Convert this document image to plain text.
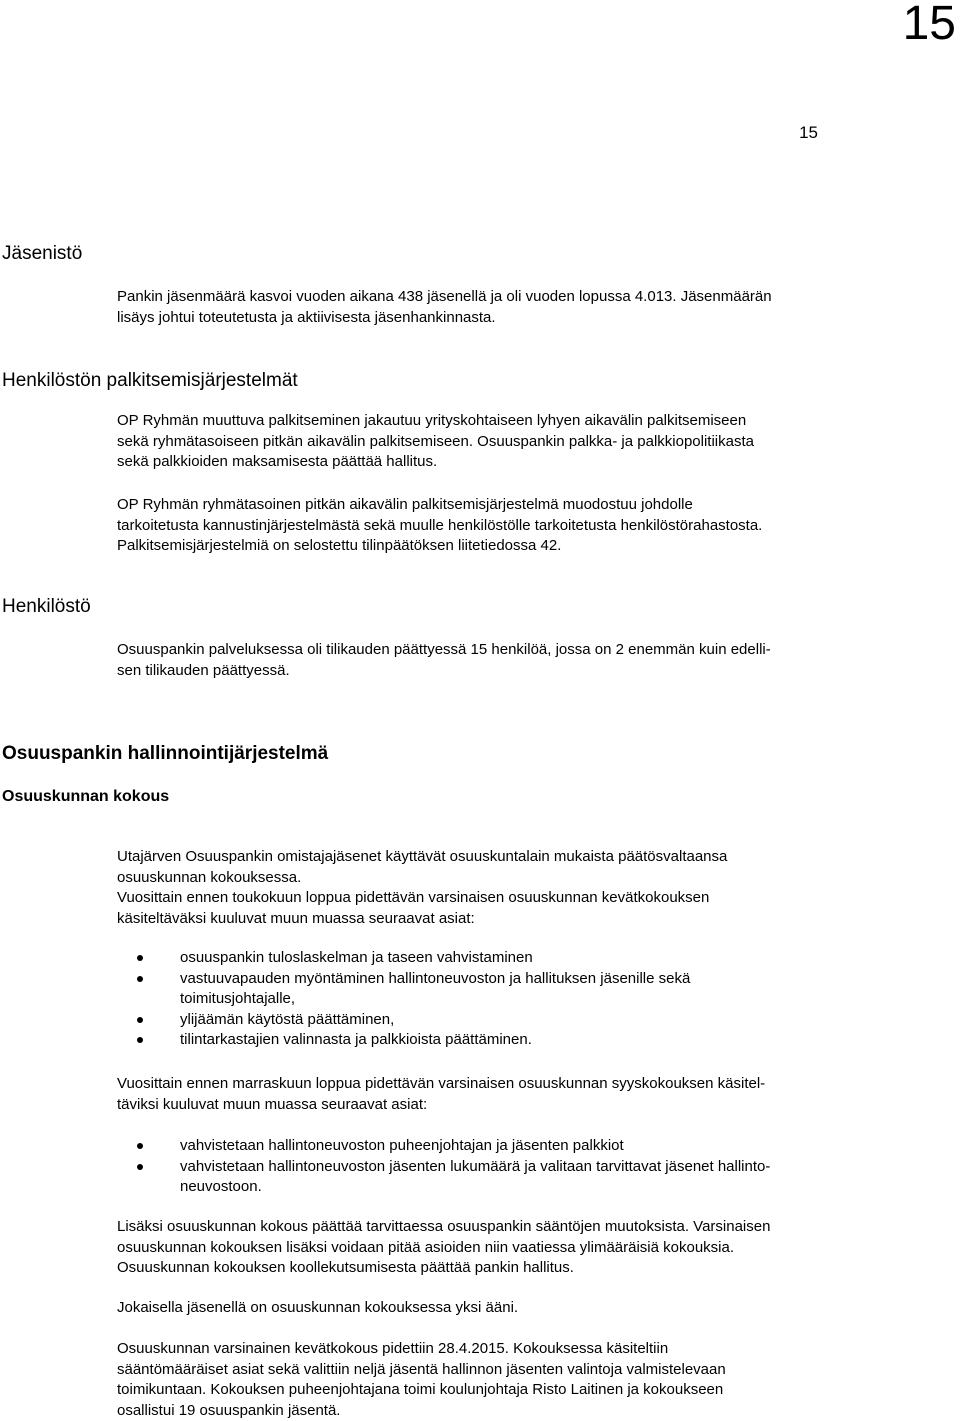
15
15
Jäsenistö

Pankin jäsenmäärä kasvoi vuoden aikana 438 jäsenellä ja oli vuoden lopussa 4.013. Jäsenmäärän
lisäys johtui toteutetusta ja aktiivisesta jäsenhankinnasta.

Henkilöstön palkitsemisjärjestelmät

OP Ryhmän muuttuva palkitseminen jakautuu yrityskohtaiseen lyhyen aikavälin palkitsemiseen
sekä ryhmätasoiseen pitkän aikavälin palkitsemiseen. Osuuspankin palkka- ja palkkiopolitiikasta
sekä palkkioiden maksamisesta päättää hallitus.

OP Ryhmän ryhmätasoinen pitkän aikavälin palkitsemisjärjestelmä muodostuu johdolle
tarkoitetusta kannustinjärjestelmästä sekä muulle henkilöstölle tarkoitetusta henkilöstörahastosta.
Palkitsemisjärjestelmiä on selostettu tilinpäätöksen liitetiedossa 42.

Henkilöstö

Osuuspankin palveluksessa oli tilikauden päättyessä 15 henkilöä, jossa on 2 enemmän kuin edelli-
sen tilikauden päättyessä.

Osuuspankin hallinnointijärjestelmä
Osuuskunnan kokous

Utajärven Osuuspankin omistajajäsenet käyttävät osuuskuntalain mukaista päätösvaltaansa
osuuskunnan kokouksessa.
Vuosittain ennen toukokuun loppua pidettävän varsinaisen osuuskunnan kevätkokouksen
käsiteltäväksi kuuluvat muun muassa seuraavat asiat:

osuuspankin tuloslaskelman ja taseen vahvistaminen
vastuuvapauden myöntäminen hallintoneuvoston ja hallituksen jäsenille sekä
toimitusjohtajalle,
ylijäämän käytöstä päättäminen,
tilintarkastajien valinnasta ja palkkioista päättäminen.

Vuosittain ennen marraskuun loppua pidettävän varsinaisen osuuskunnan syyskokouksen käsitel-
täviksi kuuluvat muun muassa seuraavat asiat:

vahvistetaan hallintoneuvoston puheenjohtajan ja jäsenten palkkiot
vahvistetaan hallintoneuvoston jäsenten lukumäärä ja valitaan tarvittavat jäsenet hallinto-
neuvostoon.

Lisäksi osuuskunnan kokous päättää tarvittaessa osuuspankin sääntöjen muutoksista. Varsinaisen
osuuskunnan kokouksen lisäksi voidaan pitää asioiden niin vaatiessa ylimääräisiä kokouksia.
Osuuskunnan kokouksen koollekutsumisesta päättää pankin hallitus.

Jokaisella jäsenellä on osuuskunnan kokouksessa yksi ääni.

Osuuskunnan varsinainen kevätkokous pidettiin 28.4.2015. Kokouksessa käsiteltiin
sääntömääräiset asiat sekä valittiin neljä jäsentä hallinnon jäsenten valintoja valmistelevaan
toimikuntaan. Kokouksen puheenjohtajana toimi koulunjohtaja Risto Laitinen ja kokoukseen
osallistui 19 osuuspankin jäsentä.
